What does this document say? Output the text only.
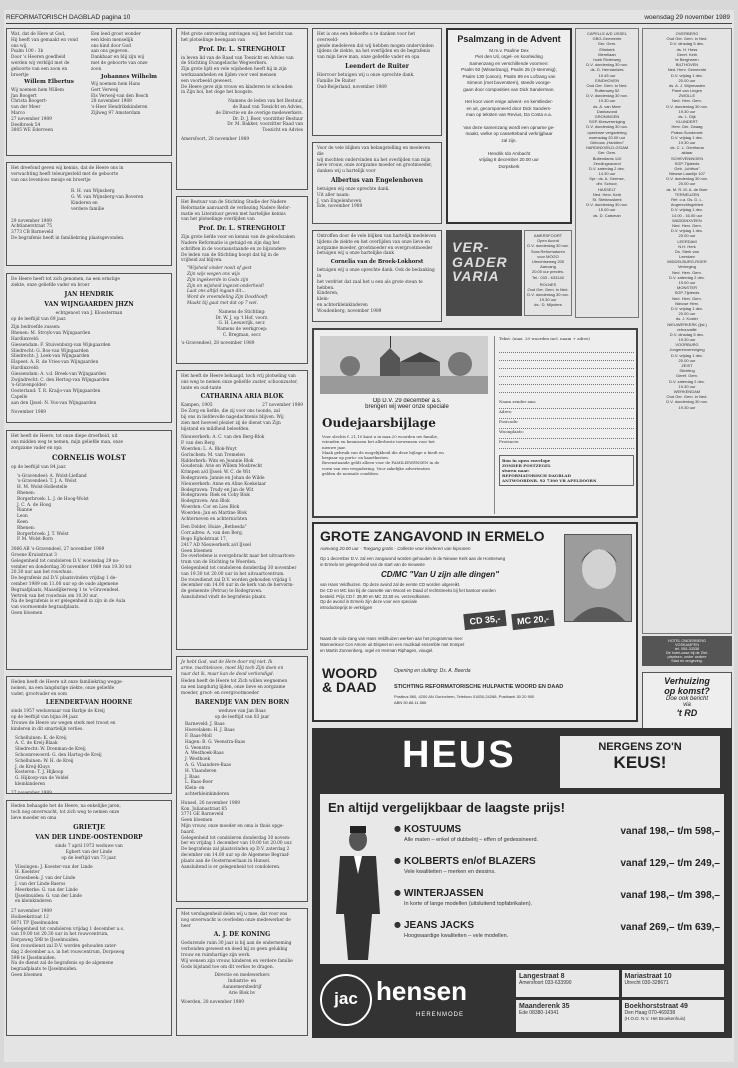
REFORMATORISCH DAGBLAD pagina 10	woensdag 29 november 1989
Wat, dat de Here ut God,
Hij heeft van gemaakt en vond
ons wij.
Psalm 100 : 3b
Door 's Heeren goedheid
werden wij verblijd met de
geboorte van een zoon en
broertje
Willem Elbertus
Wij noemen hem Willem
Jan Boogert
Christa Boogert-
van der Meer
Marco
27 november 1989
Deelbroek 54
3805 WE Ederveen
Een leed groot wonder
een klein menselijk
ons kind door God
aan ons gegeven.
Dankbaar en blij zijn wij
met de geboorte van onze
zoon
Johannes Wilhelm
Wij noemen hem Hans
Gert Verweij
Els Verweij-van den Bosch
28 november 1989
's-Heer Hendrikskinderen
Zijlweg 97 Amsterdam
Het dreefond geven wij kennis, dat de Heere ons in
verwachting heeft teleurgesteld met de geboorte
van ons levenloos meisje en broertje
R. H. van Wijnsberg
G. W. van Wijnsberg-van Boveren
Kinderen en
verdere familie
29 november 1989
Achtlanerstraat 75
3773 CB Barneveld
De begrafenis heeft in familiekring plaatsgevonden.
De Heere heeft tot zich genomen, na een ernstige
ziekte, onze geliefde vader en broer
JAN HENDRIK
VAN WIJNGAARDEN JHZN
echtgenoot van J. Kloosterman
op de leeftijd van 69 jaar.
Zijn bedroefde zussen:
Rhenen: M. Stroyk-van Wijngaarden
Hardinxveld:
Giessendam: F. Stuivenburg-van Wijngaarden
Sliedrecht: G. Bos-van Wijngaarden
Sliedrecht: J. Leek-van Wijngaarden
Elspeet: A. R. de Vries-van Wijngaarden
Hardinxveld:
Giessendam: A. v.d. Breek-van Wijngaarden
Zwijndrecht: C. den Hertog-van Wijngaarden
's-Gravenpolder:
Oosterland: T. R. Kraijo-van Wijngaarden
Capelle
aan den IJssel: N. Vos-van Wijngaarden
November 1989
Het heeft de Heere, tot onze diepe droefheid, uit
ons midden weg te nemen, mijn geliefde man, onze
zorgzame vader en opa
CORNELIS WOLST
op de leeftijd van 84 jaar.
's-Gravendeel: A. Wolst-Liefland
's-Gravendeel: T. J. A. Wolst
H. M. Wolst-Hollestelle
Rhenen:
Borgerbroek: L. J. de Hoog-Wolst
J. C. A. de Hoog
Rianne
Leon
Keen
Rhenen:
Borgerbroek: J. T. Wolst
P. M. Wolst-Born
3066 AB 's-Gravendeel, 27 november 1989
Groene Kruisstraat 3
Gelegenheid tot condoleren D.V. woensdag 29 no-
vember en donderdag 30 november 1989 van 19.30 tot
20.30 uur aan het rouwhuis.
De begrafenis zal D.V. plaatsvinden vrijdag 1 de-
cember 1989 om 11.00 uur op de oude algemene
Begraafplaats, Maasdijkerweg 1 te 's-Gravendeel.
Vertrek van het rouwhuis om 10.30 uur.
Na de begrafenis is er gelegenheid in zijn in de Aula
van voornoemde begraafplaats.
Geen bloemen
Heden heeft de Heere uit onze familiekring wegge-
nomen, na een langdurige ziekte, onze geliefde
vader, grootvader en oom
LEENDERT-VAN HOORNE
sinds 1957 weduwnaar van Barbje de Kreij
op de leeftijd van bijna 84 jaar.
Trouwe de Heere uw wegen sterk met troost en
kinderen in dit smartelijk verlies.
Schelluinen: K. de Kreij
A. C. de Kreij-Blaak
Sliedrecht: W. Drenman-de Kreij
Schoonrewoerd: G. den Hartog-de Kreij
Schelluinen: W. H. de Kreij
J. de Kreij-Kluys
Kesteren: T. J. Hijkoop
G. Hijkoop-van de Veldel
kleinkinderen
27 november 1989
Heden behaagde het de Heere, na enkelijke jaren,
toch nog onverwacht, tot zich weg te nemen onze
lieve moeder en oma
GRIETJE
VAN DER LINDE-OOSTENDORP
sinds 7 april 1973 weduwe van
Egbert van der Linde
op de leeftijd van 73 jaar.
Vlissingen: J. Koester-van der Linde
H. Koelster
Groesbeek: J. van der Linde
J. van der Linde-Baerss
Meerkerke: G. van der Linde
IJsselmuiden: G. van der Linde
en kleinkinderen
27 november 1989
Hoibeekstraat 12
8071 TP IJsselmuiden
Gelegenheid tot condoleren vrijdag 1 december a.s.
van 19.00 tot 20.30 uur in het rouwcentrum,
Dorpsweg 59B te IJsselmuiden.
Een rouwdienst zal D.V. worden gehouden zater-
dag 2 december a.s. in het rouwcentrum, Dorpsweg
59B te IJsselmuiden.
Na de dienst zal de begrafenis op de algemene
begraafplaats te IJsselmuiden.
Geen bloemen
Met grote ontroering ontvingen wij het bericht van
het plotselinge heengaan van
Prof. Dr. L. STRENGHOLT
in leven lid van de Raad van Toezicht en Advies van
de Stichting Evangelische Wegwerkers.
Zijn grote lijdt en vele wijsheden heeft hij in zijn
werkzaamheden en lijden voor veel mensen
een voorbeeld geweest.
De Heere geve zijn vrouw en kinderen te schouden
in Zijn hol, het doge het hoogste.
Namens de leden van het Bestuur,
de Raad van Toezicht en Advies,
de Directie en de overige medewerkers.
Dr. D. J. Boer, voorzitter Bestuur
Dr. M. Bakker, voorzitter Raad van
Toezicht en Advies
Amersfoort, 28 november 1989
Het Bestuur van de Stichting Studie der Nadere
Reformatie aanvaardt de verliezing Nadere Refor-
matie en Literatuur geven met hartelijke kennis
van het plotselinge overlijden van
Prof. Dr. L. STRENGHOLT
Zijn grote liefde voor en kennis van de geloofszaken
Nadere Reformatie is getuigd en zijn dag het
schriften in de vooraanstaande en zo bijzondere
De leden van de Stichting hoopt dat hij in de
vrijheid zal blijven.
"Wijsheid vinder nooit of gest
Zijn wijs wegen ons wijs
Zijn ingekeerde in Gods zijn
Zijn en wijsheid ingezet-onderheid!
Laat ons altijd ingaan dit...
Word de vreemdeling Zijn Doodhooft
Maakt bij gaat met dat op 7 wel.
Namens de Stichting:
Dr. W. J. op 't Hof, voorz.
G. H. Leeuwrijk, secr.
Namens de werkgroep:
C. Bregman, secr.
's-Gravendeel, 28 november 1989
Het heeft de Heere behaagd, toch vrij plotseling van
ons weg te nemen onze geliefde zuster, schoonzuster,
tante en oud-tante
CATHARINA ARIA BLOK
Kampen, 1905	27 november 1989
De Zorg en liefde, die zij voor ons toonde, zal
bij ons in liefdevolle nagedachtenis blijven. Wij
zien met hoeveel plezier zij de dienst van Zijn
bijstand en mildheid beleefden.
Nieuwerkerk: A. C. van den Berg-Blok
P. van den Berg
Woerden: L. A. Blok-Wuyt
Gorinchem: M. van Tremelen
Ridderkerk: Wim en Jeannie Blok
Gouderak: Arie en Willem Mosbrecht
Krimpen a/d IJssel: W. C. de Wit
Bodegraven: Jannie en Johan de Wilde
Nieuwerkerk: Anne en Aline Koekelaar
Bodegraven: Trudy en Jan de Wit
Bodegraven: Riek en Coby Blok
Bodegraven: Ann Blok
Woerden: Cor en Lies Blok
Woerden: Jan en Martine Blok
Achterneven en achternichten
Den Dolder, Huize „Bethesda"
Corr.adres: A. van den Berg,
Bogo Egholstraat 17,
2417 AD Nieuwerkerk a/d IJssel
Geen bloemen
De overledene is overgebracht naar het uitvaartcen-
trum van de Stichting te Woerden.
Gelegenheid tot condoleren donderdag 30 november
van 19.30 tot 20.00 uur in het uitvaartcentrum.
De rouwdienst zal D.V. worden gehouden vrijdag 1
december om 14.00 uur in de kerk van de hervorm-
de gemeente (Petrus) te Bodegraven.
Aansluitend vindt de begrafenis plaats.
Je hebt God, wat de Here door mij niet. Ik
arme, machtelozee, moet Hij toch Zijn doen en
naar dat ik, maar kan de dood verkondigd.
Heden heeft de Heere tot Zich willen wegnemen
na een langdurig lijden, onze lieve en zorgzame
moeder, groot- en overgrootmoeder
BARENDJE VAN DEN BORN
weduwe van Jan Baas
op de leeftijd van 83 jaar
Barneveld: J. Baas
Hoevelaken: H. J. Baas
F. Baas-Moll
Hagen: B. G. Veenstra-Baas
G. Veenstra
A. Westhoek-Baas
J. Westhoek
A. G. Vlaandere-Baas
H. Vlaanderen
J. Baas
L. Baas-Boer
Klein- en
achterkleinkinderen
Hunsel, 26 november 1989
Kon. Julianastraat 65
3771 GE Barneveld
Geen bloemen
Mijn vrouw, onze moeder en oma is thuis opge-
baard.
Gelegenheid tot condoleren donderdag 30 novem-
ber en vrijdag 1 december van 19.00 tot 20.00 uur.
De begrafenis zal plaatsvinden op D.V. zaterdag 2
december om 14.00 uur op de Algemene Begraaf-
plaats aan de Oostermoerlaan in Hunsel.
Aansluitend is er gelegenheid tot condoleren.
Met verslagenheid delen wij u mee, dat voor ons
nog onverwacht is overleden onze medewerker de
heer
A. J. DE KONING
Gedurende ruim 30 jaar is hij aan de onderneming
verbonden geweest en deed hij zo geen gelukkig
trouw en ruimhartige zijn werk.
Wij wensen zijn vrouw, kinderen en verdere familie
Gods bijstand toe om dit verlies te dragen.
Directie en medewerkers
Industrie- en
Aannemersbedrijf
Arie Blok bv
Woerden, 28 november 1989
Het is ons een behoefte u te danken voor het overweld-
gende medeleven dat wij hebben mogen ondervinden
tijdens de ziekte, na het overlijden en de begrafenis
van mijn lieve man, onze geliefde vader en opa
Leendert de Ruiter
Hiervoor betuigen wij u onze oprechte dank.
Familie De Ruiter
Oud-Beijerland, november 1989
Voor de vele blijken van belangstelling en meeleven die
wij mochten ondervinden na het overlijden van mijn
lieve vrouw, onze zorgzame moeder en grootmoeder,
danken wij u hartelijk voor
Albertus van Engelenhoven
betuigen wij onze oprechte dank.
Uit aller naam:
J. van Engelenhoven
Ede, november 1989
Ontroffen door de vele blijken van hartelijk medeleven
tijdens de ziekte en het overlijden van onze lieve en
zorgzame moeder, grootmoeder en overgrootmoeder
betuigen wij u onze hartelijke dank
Cornelia van de Broek-Lokhorst
betuigen wij u onze oprechte dank. Ook de bedanking in
het verdriet dat zaal het u een als grote steun te hebben.
Kinderen,
klein-
en achterkleinkinderen
Woudenberg, november 1989
Psalmzang in de Advent
M.m.v. Pauline Dex
Piet den Uil, orgel- en koorleiding
Samenzang en verschillende voormen:
Psalm 92 (Wisselzang), Psalm 25 (4-stemmig),
Psalm 130 (canon), Psalm 89 en Lofzang van
Simeon (met bovenstem), steeds voorge-
gaan door composities van Dick Sanderman.

Het koor voert enige advent- en kerstlieder-
en uit, gecomponeerd door Dick Sanders-
man op teksten van Revius, Da Costa e.a.

Van deze samenzang wordt een opname ge-
maakt, welke op cassetteband verkrijgbaar
zal zijn.

Hendrik Ido Ambacht
vrijdag 8 december 20.00 uur
Dorpskerk
VER-
GADER
VARIA
AMERSFOORT
Open Avond
D.V. donderdag 30 nov.
Sora Reformatoren
voor MOGO
Utrechtseweg 200
Aanvang
20.00 uur precies.
Tel.: 033 - 633140
ROLNES
Oud Ger. Gem. in Ned.
D.V. donderdag 30 nov.
19.30 uur
ds.: D. Mijnders
CAPELLE A/D IJSSEL
GBG-Gemeente
Ger. Gem.
Elimkerk
Merellaan
hoek Rivierweg
D.V. donderdag 30 nov.
ds. D. Hermanides
19.45 uur
EINDHOVEN
Oud Ger. Gem. in Ned.
Ruttenweg 52
D.V. donderdag 30 nov.
19.30 uur
ds. A. van Meer
Dankavond
GRONINGEN
SGP-Kiesvereniging
D.V. donderdag 30 nov.
openbare vergadering
woensdag 20.00 uur
Gebouw „Haddero"
HARDINXVELD-G'DAM
Ger. Gem.
Buitendams 110
Zendingsavond
D.V. zaterdag 2 dec.
14.30 uur
Spr.: ds. A. Geense,
dhr. Schoor,
HASSELT
Ned. Herv. Kerk
St. Stefanuskerk
D.V. donderdag 30 nov.
15.00 uur
ds. D. Catsman
OVERBERG
Oud Ger. Gem. in Ned.
D.V. dinsdag 5 dec.
ds. H. Hess
Geref. Kerk
te Bergharen
BILTHOVEN
Ned. Herv. Gemeente
D.V. vrijdag 1 dec.
20.00 uur
ds. A. J. Wijnmaalen
Parel van Lingen
ZWOLLE
Ned. Herv. Gem.
D.V. donderdag 30 nov.
19.30 uur
ds. L. Dijk
KLUNDERT
Herv. Ger. Zwaag
Praise-Sonderwie
D.V. vrijdag 1 dec.
19.30 uur
ds. C. L. Gerritsma
aldaar
SCHEVENINGEN
SGP-Tijdeeds
Geb. „Ichthus"
Nieuwe Laanlijn 107
D.V. donderdag 30 nov.
20.00 uur
ds. M. R. M. A. de Boer
TERNEUZEN
Ref. o.a. Ds. D. L.
Angerechtsgebied
D.V. vrijdag 1 dec.
14.00 - 16.00 uur
WADDINXVEEN
Ned. Herv. Gem.
D.V. vrijdag 1 dec.
20.00 uur
LEERDAM
N.H. Herk
Ds. Sterk van
Leerdam
MIDDELBURG-ROER
Verheging
Ned. Herv. Gem.
D.V. zaterdag 2 dec.
19.00 uur
MONSTER
SGP-Tijdeeds
Ned. Herv. Gem.
Nieuwe Herv.
D.V. vrijdag 1 dec.
20.00 uur
ds. J. Koster
NIEUWERKERK (Ijsl.)
retrouvaille
D.V. dinsdag 5 dec.
19.30 uur
VOORBURG
Jongerenvereniging
D.V. vrijdag 1 dec.
20.00 uur
ZEIST
Stichting
Geref. Gem.
D.V. zaterdag 2 dec.
19.30 uur
WERKENDAM
Oud Ger. Gem. in Ned.
D.V. donderdag 30 nov.
19.30 uur
HOTEL ONDERBERG
VOSKAMPEN
tel. 055-33338
De hotel-oase bij de Ziel-
plaatsen, onder andere
Stad en omgeving.
Op D.V. 29 december a.s.
brengen wij weer onze speciale
Oudejaarsbijlage
Voor slechts f. 21,10 kunt u in max.20 woorden uw familie,
vrienden en kennissen het allerbeste toewensen voor het
nieuwe jaar.
Maak gebruik van de mogelijkheid die deze bijlage u biedt en
bespaar op porto- en kaartkosten.
Bovenstaande geldt alleen voor de FAMILIEWENSEN in de
vorm van een vergadering. Voor zakelijke advertenties
gelden de normale condities.
Tekst: (max. 20 woorden incl. naam + adres)
Naam zender aan:
Adres:
Postcode:
Woonplaats:
Provincie:
Bon in open envelope
ZONDER POSTZEGEL
sturen naar:
REFORMATORISCH DAGBLAD
ANTWOORDNR. 92 7300 VB APELDOORN
GROTE ZANGAVOND IN ERMELO
Aanvang 20.00 uur - Toegang gratis - Collecte voor kinderen van kiprunen
Op 1 december D.V. zal een zangavond worden gehouden in de Nieuwe Kerk aan de Horsterweg
in Ermelo ter gelegenheid van de start van de nieuwste
CD/MC "Van U zijn alle dingen"
van Hans Veldhuizen. Op deze avond zal de eerste CD worden uitgereikt.
De CD en MC kan bij de cassette van Woord en Daad of rechtstreeks bij het kantoor worden
besteld. Prijs CD f. 39,90 en MC 22,50 ex. verzendkosten.
Op de avond in Ermelo zijn deze voor een speciale
introductieprijs te verkrijgen
CD 35,-	MC 20,-
Naast de solo-zang van Hans Veldhuizen werken aan het programma mee:
Mannenkoor Con Amore uit Elspeet en een muzikaal ensemble met trompet
en Martin Zonnenberg, orgel en Herman Riphagen, viougel.
WOORD
& DAAD
Opening en sluiting: Ds. A. Beerda
STICHTING REFORMATORISCHE HULPAKTIE WOORD EN DAAD
Postbus 560, 4200 AN Gorinchem, Telefoon 01830-24288, Postbank 30 20 900
ABN 50.88.11.566
Verhuizing
op komst?
Doe ook bericht
via
't RD
HEUS	NERGENS ZO'N
KEUS!
En altijd vergelijkbaar de laagste prijs!
● KOSTUUMS
Alle maten – enkel of dubbelrij – effen of gedessineerd.
vanaf 198,– t/m 598,–
● KOLBERTS en/of BLAZERS
Vele kwaliteiten – merken en dessins.
vanaf 129,– t/m 249,–
● WINTERJASSEN
In korte of lange modellen (uitsluitend topfabrikaten).
vanaf 198,– t/m 398,–
● JEANS JACKS
Hoogwaardige kwaliteiten – vele modellen.
vanaf 269,– t/m 639,–
jac hensen
HERENMODE
Langestraat 8
Amersfoort 033-633990
Mariastraat 10
Utrecht 030-328671
Maanderenk 35
Ede 08380-14341
Boekhorststraat 49
Den Haag 070-469238
(H.O.D. N.V. Het Broekenhuis)
